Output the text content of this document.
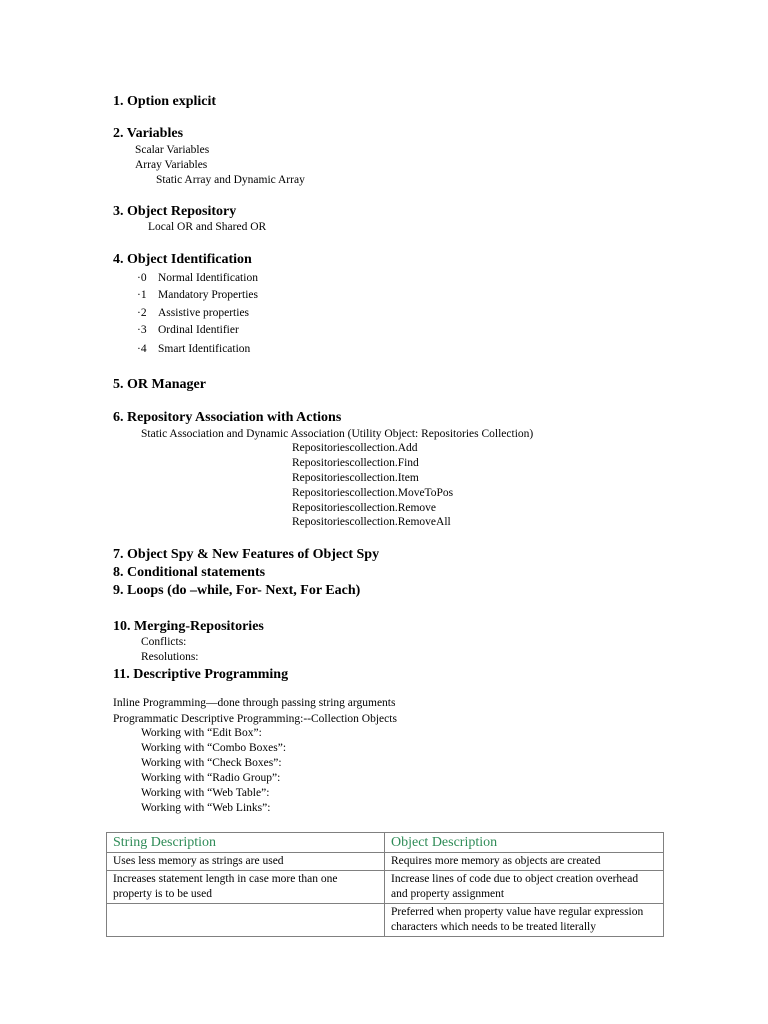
1. Option explicit
2. Variables
Scalar Variables
Array Variables
Static Array and Dynamic Array
3. Object Repository
Local OR and Shared OR
4. Object Identification
·0 Normal Identification
·1 Mandatory Properties
·2 Assistive properties
·3 Ordinal Identifier
·4 Smart Identification
5. OR Manager
6. Repository Association with Actions
Static Association and Dynamic Association (Utility Object: Repositories Collection)
Repositoriescollection.Add
Repositoriescollection.Find
Repositoriescollection.Item
Repositoriescollection.MoveToPos
Repositoriescollection.Remove
Repositoriescollection.RemoveAll
7. Object Spy & New Features of Object Spy
8. Conditional statements
9. Loops (do –while, For- Next, For Each)
10. Merging-Repositories
Conflicts:
Resolutions:
11. Descriptive Programming
Inline Programming—done through passing string arguments
Programmatic Descriptive Programming:--Collection Objects
Working with “Edit Box”:
Working with “Combo Boxes”:
Working with “Check Boxes”:
Working with “Radio Group”:
Working with “Web Table”:
Working with “Web Links”:
String Description	Object Description
Uses less memory as strings are used	Requires more memory as objects are created
Increases statement length in case more than one property is to be used	Increase lines of code due to object creation overhead and property assignment
	Preferred when property value have regular expression characters which needs to be treated literally
